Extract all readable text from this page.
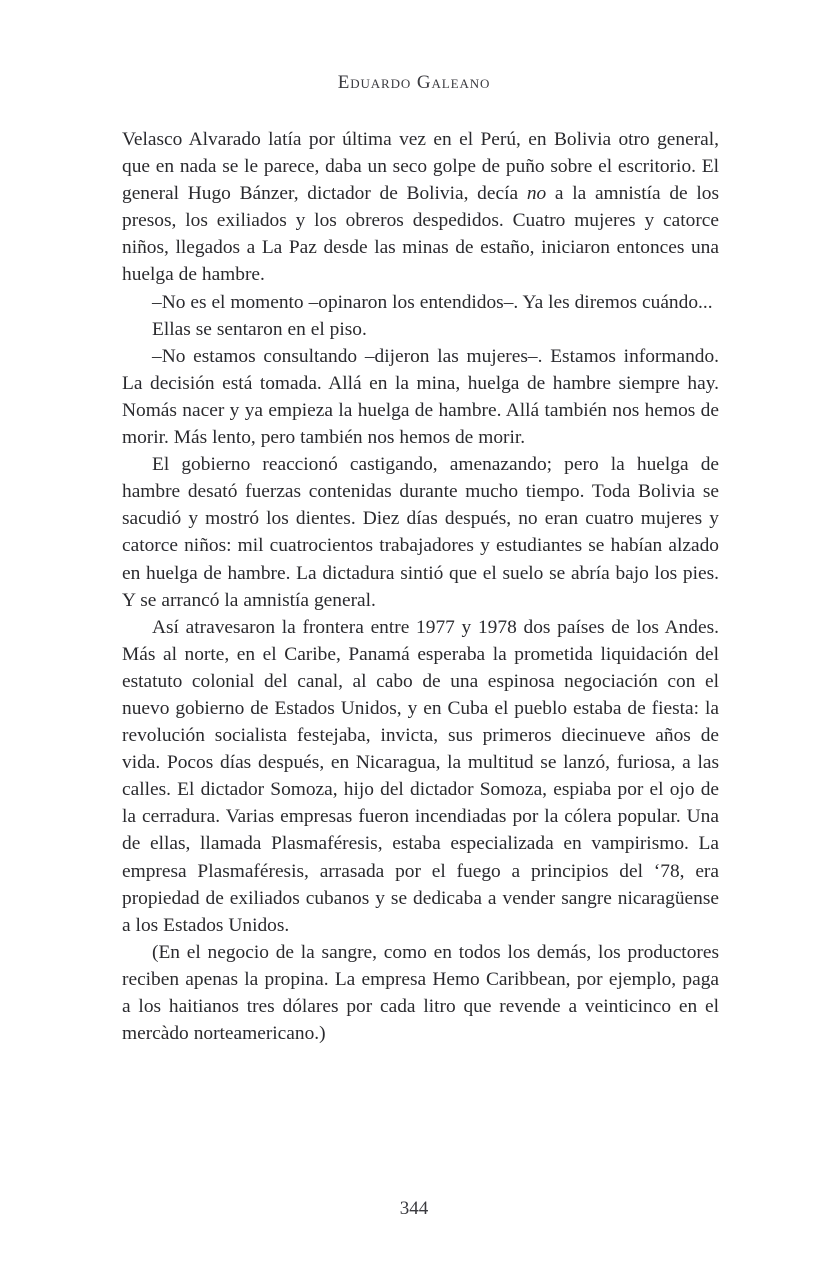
Eduardo Galeano

Velasco Alvarado latía por última vez en el Perú, en Bolivia otro general, que en nada se le parece, daba un seco golpe de puño sobre el escritorio. El general Hugo Bánzer, dictador de Bolivia, decía no a la amnistía de los presos, los exiliados y los obreros despedidos. Cuatro mujeres y catorce niños, llegados a La Paz desde las minas de estaño, iniciaron entonces una huelga de hambre.

–No es el momento –opinaron los entendidos–. Ya les diremos cuándo...

Ellas se sentaron en el piso.

–No estamos consultando –dijeron las mujeres–. Estamos informando. La decisión está tomada. Allá en la mina, huelga de hambre siempre hay. Nomás nacer y ya empieza la huelga de hambre. Allá también nos hemos de morir. Más lento, pero también nos hemos de morir.

El gobierno reaccionó castigando, amenazando; pero la huelga de hambre desató fuerzas contenidas durante mucho tiempo. Toda Bolivia se sacudió y mostró los dientes. Diez días después, no eran cuatro mujeres y catorce niños: mil cuatrocientos trabajadores y estudiantes se habían alzado en huelga de hambre. La dictadura sintió que el suelo se abría bajo los pies. Y se arrancó la amnistía general.

Así atravesaron la frontera entre 1977 y 1978 dos países de los Andes. Más al norte, en el Caribe, Panamá esperaba la prometida liquidación del estatuto colonial del canal, al cabo de una espinosa negociación con el nuevo gobierno de Estados Unidos, y en Cuba el pueblo estaba de fiesta: la revolución socialista festejaba, invicta, sus primeros diecinueve años de vida. Pocos días después, en Nicaragua, la multitud se lanzó, furiosa, a las calles. El dictador Somoza, hijo del dictador Somoza, espiaba por el ojo de la cerradura. Varias empresas fueron incendiadas por la cólera popular. Una de ellas, llamada Plasmaféresis, estaba especializada en vampirismo. La empresa Plasmaféresis, arrasada por el fuego a principios del ʻ78, era propiedad de exiliados cubanos y se dedicaba a vender sangre nicaragüense a los Estados Unidos.

(En el negocio de la sangre, como en todos los demás, los productores reciben apenas la propina. La empresa Hemo Caribbean, por ejemplo, paga a los haitianos tres dólares por cada litro que revende a veinticinco en el mercàdo norteamericano.)

344
